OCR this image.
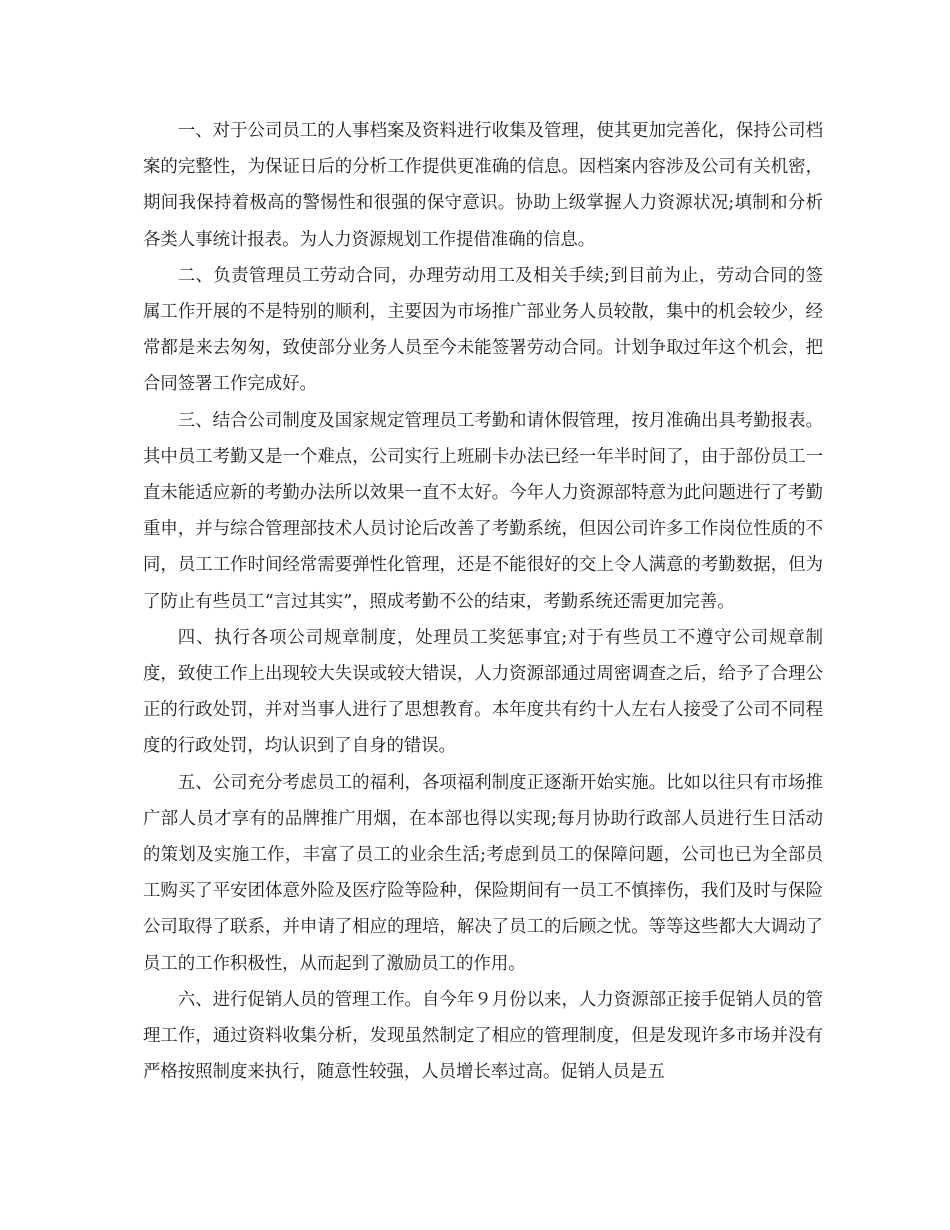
一、对于公司员工的人事档案及资料进行收集及管理，使其更加完善化，保持公司档案的完整性，为保证日后的分析工作提供更准确的信息。因档案内容涉及公司有关机密，期间我保持着极高的警惕性和很强的保守意识。协助上级掌握人力资源状况;填制和分析各类人事统计报表。为人力资源规划工作提借准确的信息。

二、负责管理员工劳动合同，办理劳动用工及相关手续;到目前为止，劳动合同的签属工作开展的不是特别的顺利，主要因为市场推广部业务人员较散，集中的机会较少，经常都是来去匆匆，致使部分业务人员至今未能签署劳动合同。计划争取过年这个机会，把合同签署工作完成好。

三、结合公司制度及国家规定管理员工考勤和请休假管理，按月准确出具考勤报表。其中员工考勤又是一个难点，公司实行上班刷卡办法已经一年半时间了，由于部份员工一直未能适应新的考勤办法所以效果一直不太好。今年人力资源部特意为此问题进行了考勤重申，并与综合管理部技术人员讨论后改善了考勤系统，但因公司许多工作岗位性质的不同，员工工作时间经常需要弹性化管理，还是不能很好的交上令人满意的考勤数据，但为了防止有些员工“言过其实”，照成考勤不公的结束，考勤系统还需更加完善。

四、执行各项公司规章制度，处理员工奖惩事宜;对于有些员工不遵守公司规章制度，致使工作上出现较大失误或较大错误，人力资源部通过周密调查之后，给予了合理公正的行政处罚，并对当事人进行了思想教育。本年度共有约十人左右人接受了公司不同程度的行政处罚，均认识到了自身的错误。

五、公司充分考虑员工的福利，各项福利制度正逐渐开始实施。比如以往只有市场推广部人员才享有的品牌推广用烟，在本部也得以实现;每月协助行政部人员进行生日活动的策划及实施工作，丰富了员工的业余生活;考虑到员工的保障问题，公司也已为全部员工购买了平安团体意外险及医疗险等险种，保险期间有一员工不慎摔伤，我们及时与保险公司取得了联系，并申请了相应的理培，解决了员工的后顾之忧。等等这些都大大调动了员工的工作积极性，从而起到了激励员工的作用。

六、进行促销人员的管理工作。自今年９月份以来，人力资源部正接手促销人员的管理工作，通过资料收集分析，发现虽然制定了相应的管理制度，但是发现许多市场并没有严格按照制度来执行，随意性较强，人员增长率过高。促销人员是五
